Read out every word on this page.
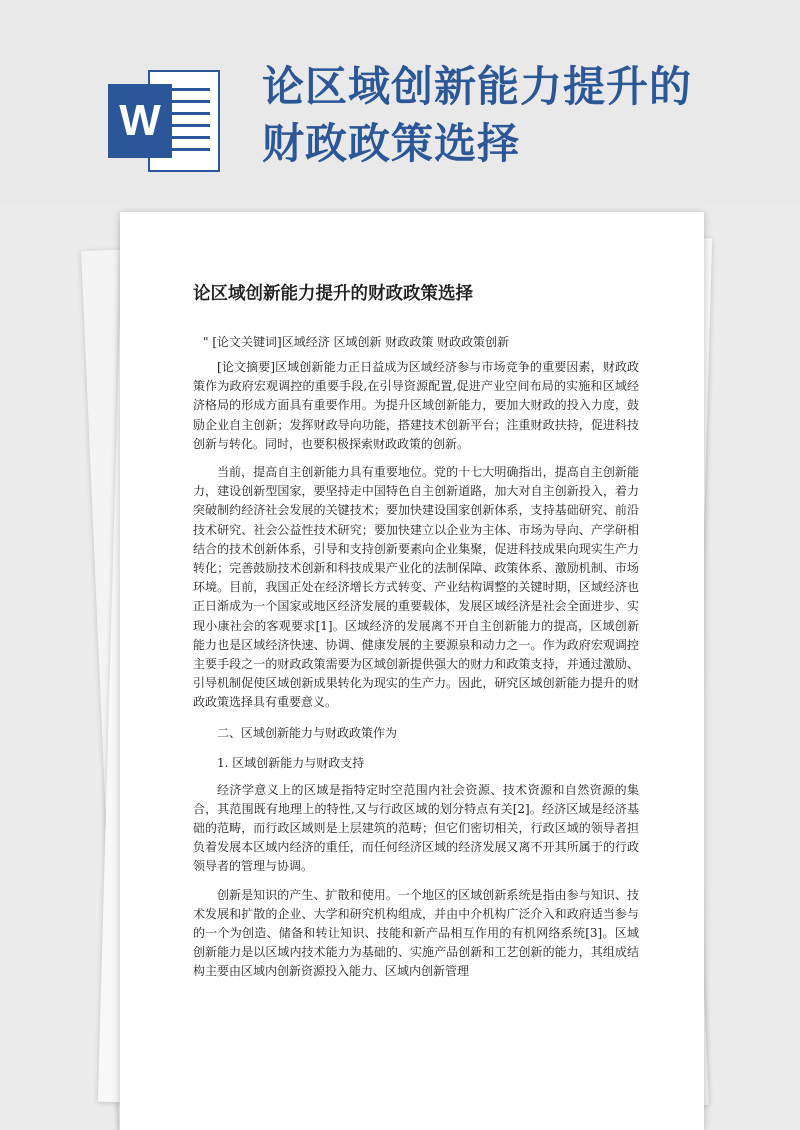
W
论区域创新能力提升的
财政政策选择
论区域创新能力提升的财政政策选择
" [论文关键词]区域经济 区域创新 财政政策 财政政策创新

[论文摘要]区域创新能力正日益成为区域经济参与市场竞争的重要因素，财政政策作为政府宏观调控的重要手段,在引导资源配置,促进产业空间布局的实施和区域经济格局的形成方面具有重要作用。为提升区域创新能力，要加大财政的投入力度，鼓励企业自主创新；发挥财政导向功能，搭建技术创新平台；注重财政扶持，促进科技创新与转化。同时，也要积极探索财政政策的创新。

当前，提高自主创新能力具有重要地位。党的十七大明确指出，提高自主创新能力，建设创新型国家，要坚持走中国特色自主创新道路，加大对自主创新投入，着力突破制约经济社会发展的关键技术；要加快建设国家创新体系，支持基础研究、前沿技术研究、社会公益性技术研究；要加快建立以企业为主体、市场为导向、产学研相结合的技术创新体系，引导和支持创新要素向企业集聚，促进科技成果向现实生产力转化；完善鼓励技术创新和科技成果产业化的法制保障、政策体系、激励机制、市场环境。目前，我国正处在经济增长方式转变、产业结构调整的关键时期，区域经济也正日渐成为一个国家或地区经济发展的重要载体，发展区域经济是社会全面进步、实现小康社会的客观要求[1]。区域经济的发展离不开自主创新能力的提高，区域创新能力也是区域经济快速、协调、健康发展的主要源泉和动力之一。作为政府宏观调控主要手段之一的财政政策需要为区域创新提供强大的财力和政策支持，并通过激励、引导机制促使区域创新成果转化为现实的生产力。因此，研究区域创新能力提升的财政政策选择具有重要意义。

二、区域创新能力与财政政策作为
1. 区域创新能力与财政支持

经济学意义上的区域是指特定时空范围内社会资源、技术资源和自然资源的集合，其范围既有地理上的特性,又与行政区域的划分特点有关[2]。经济区域是经济基础的范畴，而行政区域则是上层建筑的范畴；但它们密切相关，行政区域的领导者担负着发展本区域内经济的重任，而任何经济区域的经济发展又离不开其所属于的行政领导者的管理与协调。

创新是知识的产生、扩散和使用。一个地区的区域创新系统是指由参与知识、技术发展和扩散的企业、大学和研究机构组成，并由中介机构广泛介入和政府适当参与的一个为创造、储备和转让知识、技能和新产品相互作用的有机网络系统[3]。区域创新能力是以区域内技术能力为基础的、实施产品创新和工艺创新的能力，其组成结构主要由区域内创新资源投入能力、区域内创新管理
